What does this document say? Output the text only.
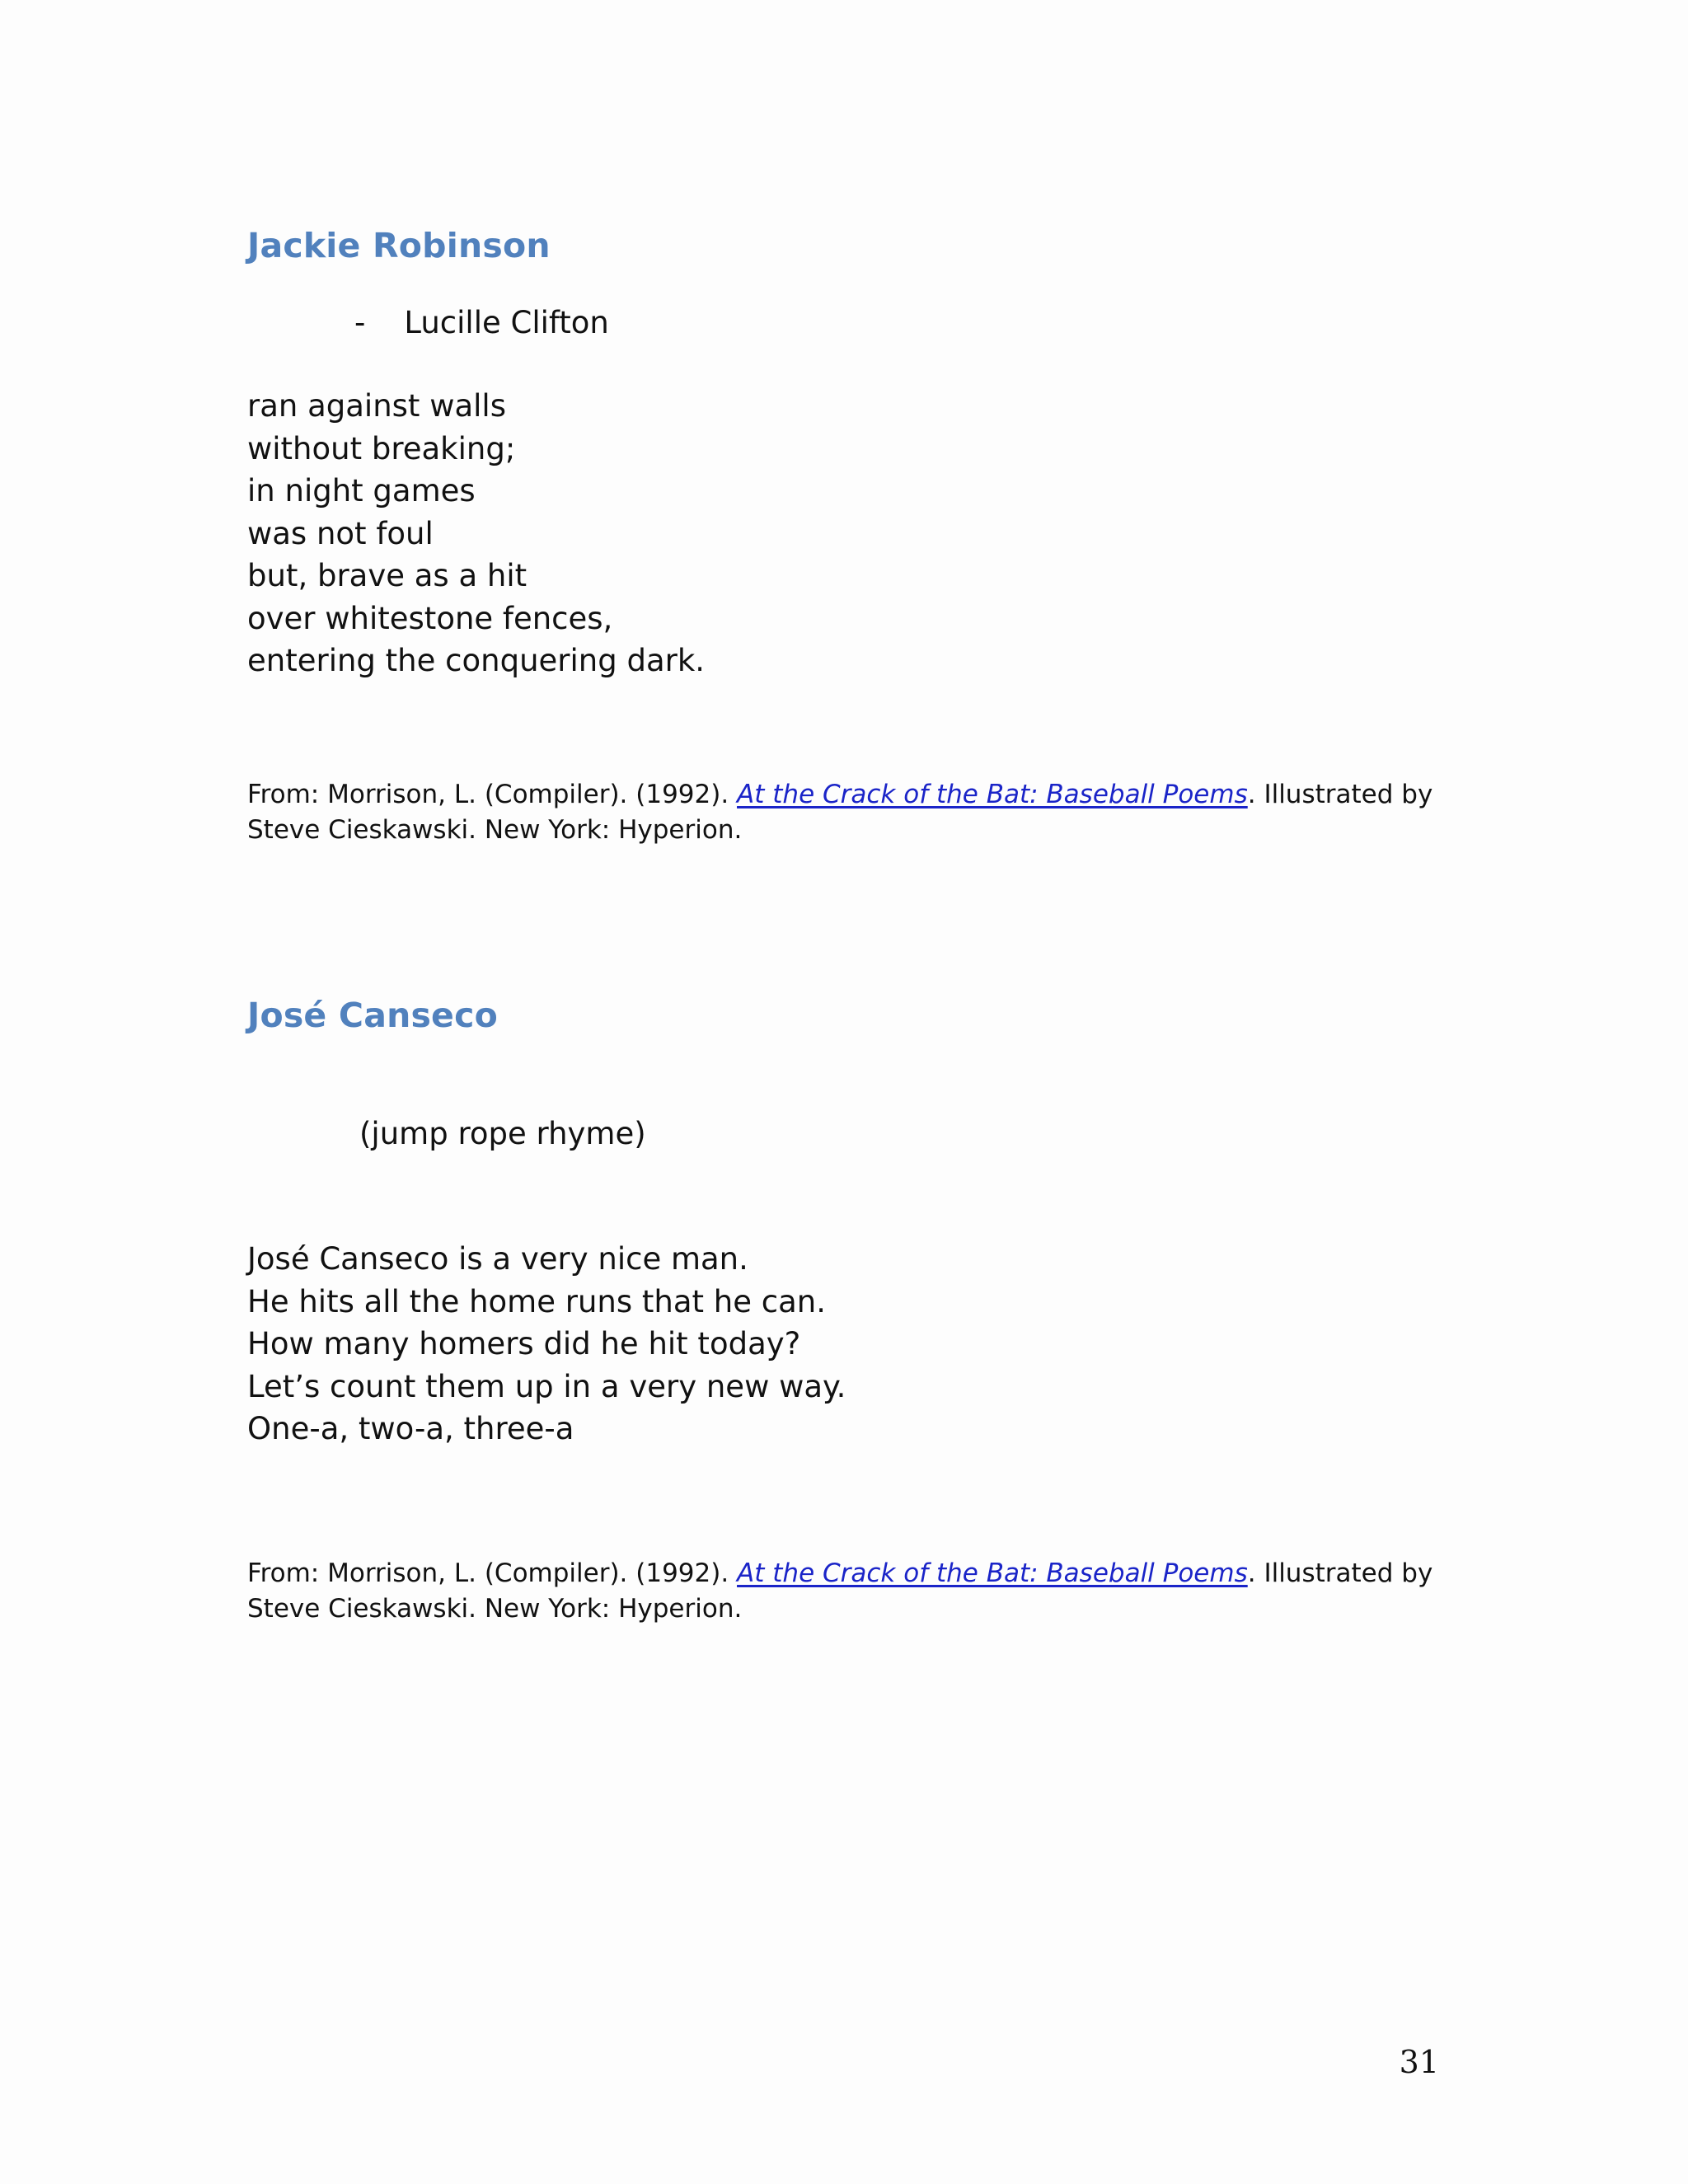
Jackie Robinson

-    Lucille Clifton

ran against walls
without breaking;
in night games
was not foul
but, brave as a hit
over whitestone fences,
entering the conquering dark.

From: Morrison, L. (Compiler). (1992). At the Crack of the Bat: Baseball Poems. Illustrated by Steve Cieskawski. New York: Hyperion.

José Canseco

(jump rope rhyme)

José Canseco is a very nice man.
He hits all the home runs that he can.
How many homers did he hit today?
Let’s count them up in a very new way.
One-a, two-a, three-a

From: Morrison, L. (Compiler). (1992). At the Crack of the Bat: Baseball Poems. Illustrated by Steve Cieskawski. New York: Hyperion.

31
